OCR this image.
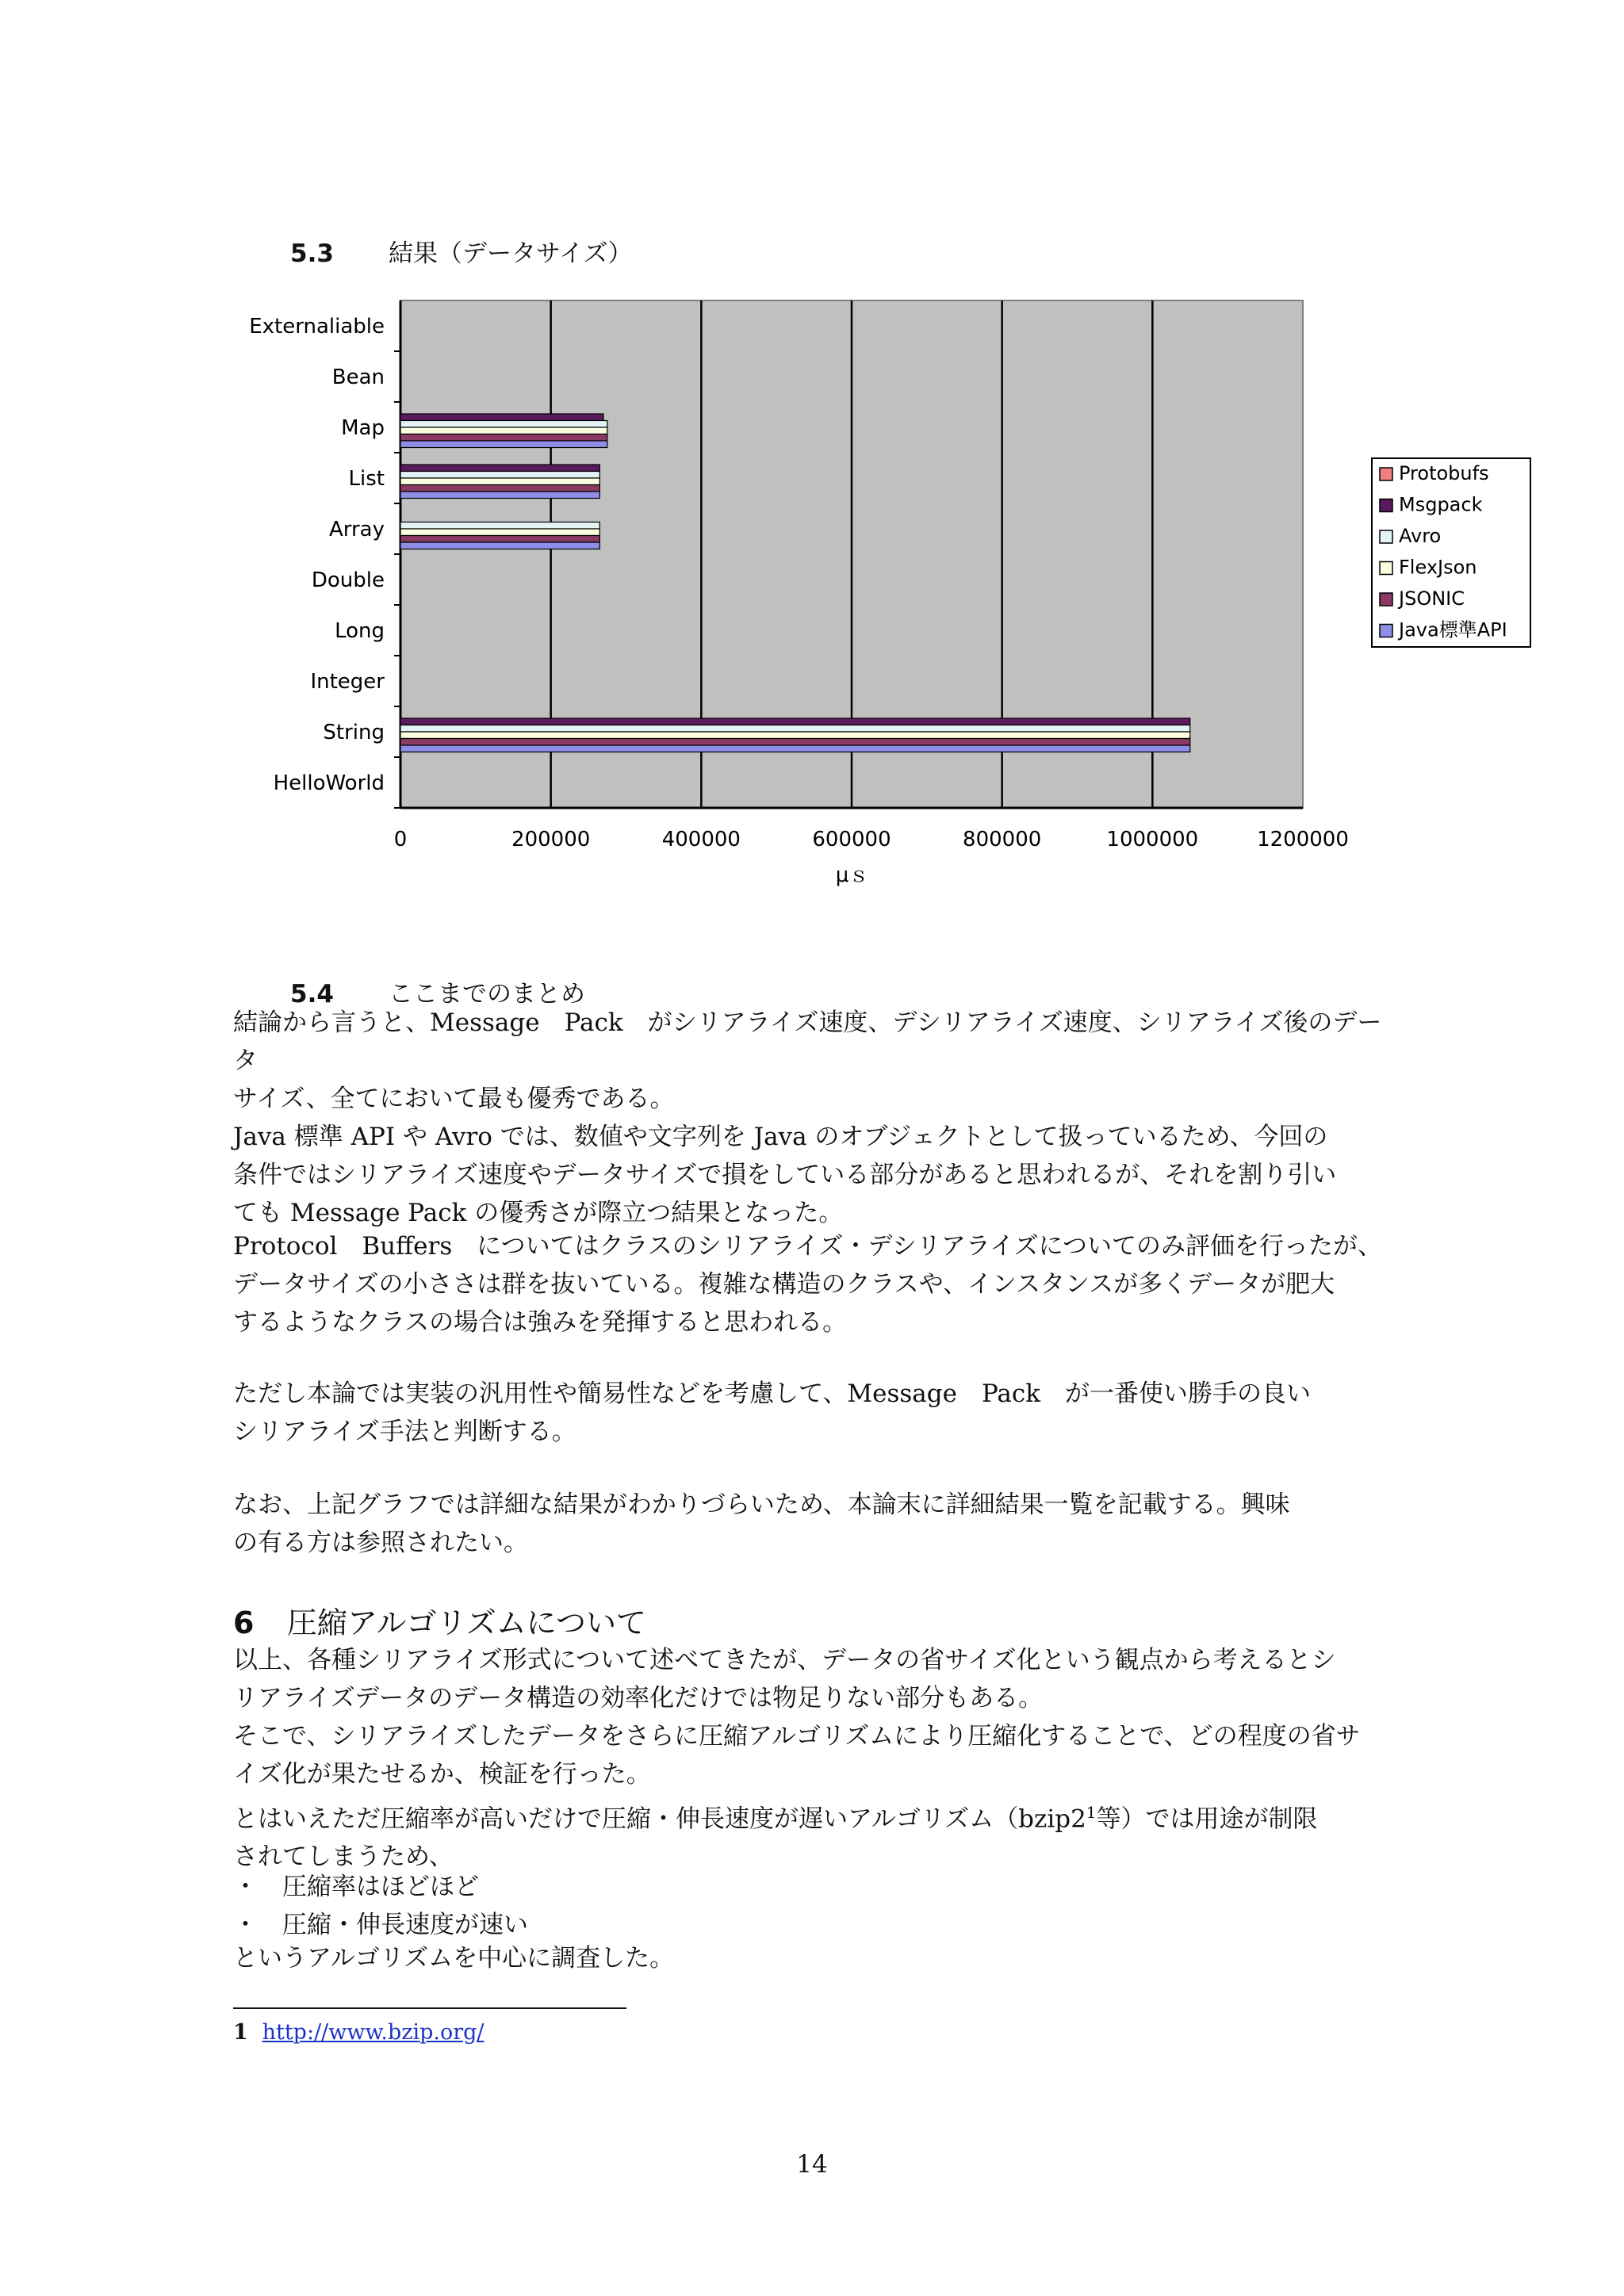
5.3 結果（データサイズ）
Externaliable
Bean
Map
List
Array
Double
Long
Integer
String
HelloWorld
0	200000	400000	600000	800000	1000000	1200000
μｓ
Protobufs
Msgpack
Avro
FlexJson
JSONIC
Java標準API
5.4 ここまでのまとめ

結論から言うと、Message　Pack　がシリアライズ速度、デシリアライズ速度、シリアライズ後のデータ

サイズ、全てにおいて最も優秀である。

Java 標準 API や Avro では、数値や文字列を Java のオブジェクトとして扱っているため、今回の

条件ではシリアライズ速度やデータサイズで損をしている部分があると思われるが、それを割り引い

ても Message Pack の優秀さが際立つ結果となった。

Protocol　Buffers　についてはクラスのシリアライズ・デシリアライズについてのみ評価を行ったが、

データサイズの小ささは群を抜いている。複雑な構造のクラスや、インスタンスが多くデータが肥大

するようなクラスの場合は強みを発揮すると思われる。

ただし本論では実装の汎用性や簡易性などを考慮して、Message　Pack　が一番使い勝手の良い

シリアライズ手法と判断する。

なお、上記グラフでは詳細な結果がわかりづらいため、本論末に詳細結果一覧を記載する。興味

の有る方は参照されたい。

6 圧縮アルゴリズムについて

以上、各種シリアライズ形式について述べてきたが、データの省サイズ化という観点から考えるとシ

リアライズデータのデータ構造の効率化だけでは物足りない部分もある。

そこで、シリアライズしたデータをさらに圧縮アルゴリズムにより圧縮化することで、どの程度の省サ

イズ化が果たせるか、検証を行った。

とはいえただ圧縮率が高いだけで圧縮・伸長速度が遅いアルゴリズム（$bzip2^1$等）では用途が制限

されてしまうため、

・ 圧縮率はほどほど
・ 圧縮・伸長速度が速い

というアルゴリズムを中心に調査した。

1 http://www.bzip.org/
14
